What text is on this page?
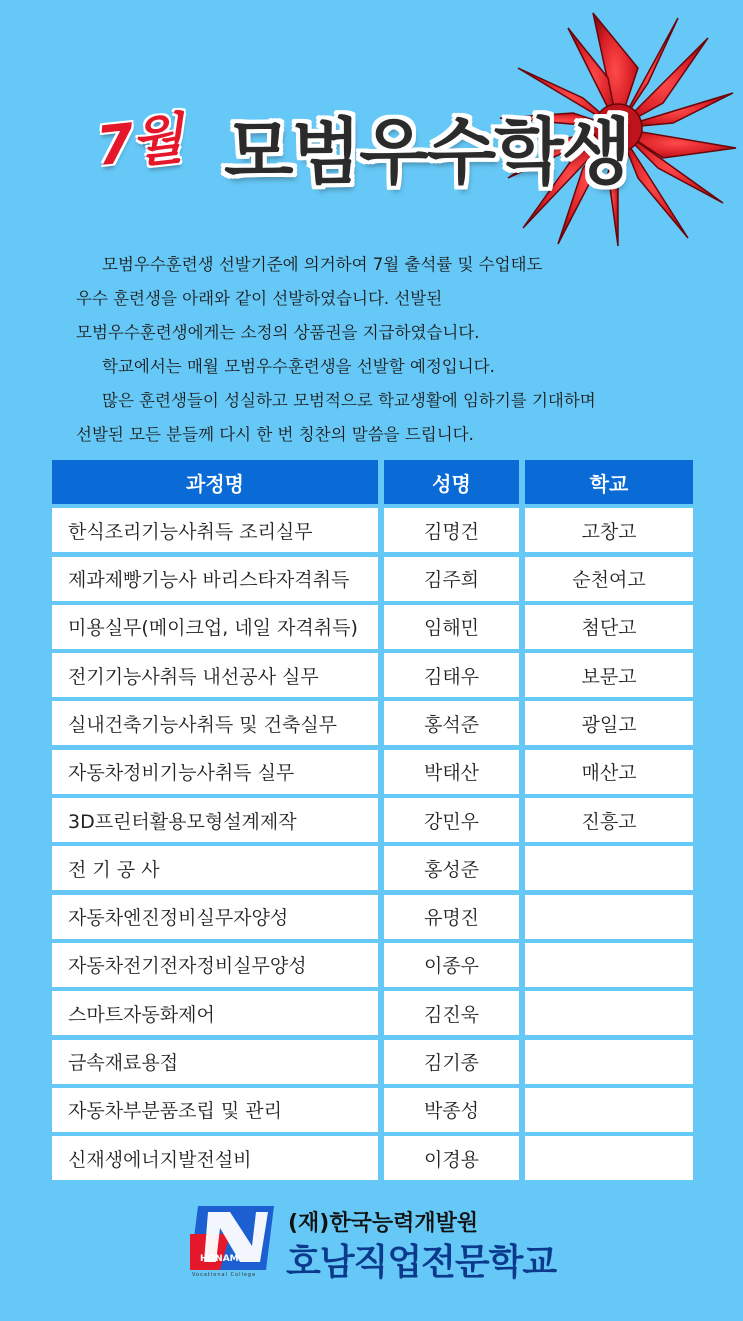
7월 모범우수학생

모범우수훈련생 선발기준에 의거하여 7월 출석률 및 수업태도

우수 훈련생을 아래와 같이 선발하였습니다. 선발된

모범우수훈련생에게는 소정의 상품권을 지급하였습니다.

학교에서는 매월 모범우수훈련생을 선발할 예정입니다.

많은 훈련생들이 성실하고 모범적으로 학교생활에 임하기를 기대하며

선발된 모든 분들께 다시 한 번 칭찬의 말씀을 드립니다.

과정명	성명	학교
한식조리기능사취득 조리실무	김명건	고창고
제과제빵기능사 바리스타자격취득	김주희	순천여고
미용실무(메이크업, 네일 자격취득)	임해민	첨단고
전기기능사취득 내선공사 실무	김태우	보문고
실내건축기능사취득 및 건축실무	홍석준	광일고
자동차정비기능사취득 실무	박태산	매산고
3D프린터활용모형설계제작	강민우	진흥고
전 기 공 사	홍성준
자동차엔진정비실무자양성	유명진
자동차전기전자정비실무양성	이종우
스마트자동화제어	김진욱
금속재료용접	김기종
자동차부분품조립 및 관리	박종성
신재생에너지발전설비	이경용
HONAM
Vocational College
(재)한국능력개발원
호남직업전문학교
